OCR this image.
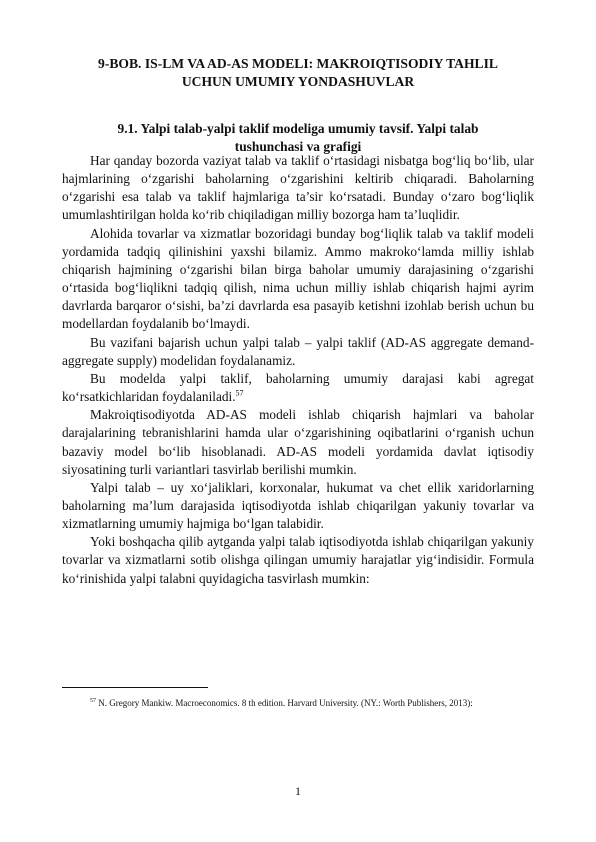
9-BOB. IS-LM VA AD-AS MODELI: MAKROIQTISODIY TAHLIL
UCHUN UMUMIY YONDASHUVLAR
9.1. Yalpi talab-yalpi taklif modeliga umumiy tavsif. Yalpi talab
tushunchasi va grafigi

Har qanday bozorda vaziyat talab va taklif o‘rtasidagi nisbatga bog‘liq bo‘lib, ular hajmlarining o‘zgarishi baholarning o‘zgarishini keltirib chiqaradi. Baholarning o‘zgarishi esa talab va taklif hajmlariga ta’sir ko‘rsatadi. Bunday o‘zaro bog‘liqlik umumlashtirilgan holda ko‘rib chiqiladigan milliy bozorga ham ta’luqlidir.

Alohida tovarlar va xizmatlar bozoridagi bunday bog‘liqlik talab va taklif modeli yordamida tadqiq qilinishini yaxshi bilamiz. Ammo makroko‘lamda milliy ishlab chiqarish hajmining o‘zgarishi bilan birga baholar umumiy darajasining o‘zgarishi o‘rtasida bog‘liqlikni tadqiq qilish, nima uchun milliy ishlab chiqarish hajmi ayrim davrlarda barqaror o‘sishi, ba’zi davrlarda esa pasayib ketishni izohlab berish uchun bu modellardan foydalanib bo‘lmaydi.

Bu vazifani bajarish uchun yalpi talab – yalpi taklif (AD-AS aggregate demand-aggregate supply) modelidan foydalanamiz.

Bu modelda yalpi taklif, baholarning umumiy darajasi kabi agregat ko‘rsatkichlaridan foydalaniladi.$^{57}$

Makroiqtisodiyotda AD-AS modeli ishlab chiqarish hajmlari va baholar darajalarining tebranishlarini hamda ular o‘zgarishining oqibatlarini o‘rganish uchun bazaviy model bo‘lib hisoblanadi. AD-AS modeli yordamida davlat iqtisodiy siyosatining turli variantlari tasvirlab berilishi mumkin.

Yalpi talab – uy xo‘jaliklari, korxonalar, hukumat va chet ellik xaridorlarning baholarning ma’lum darajasida iqtisodiyotda ishlab chiqarilgan yakuniy tovarlar va xizmatlarning umumiy hajmiga bo‘lgan talabidir.

Yoki boshqacha qilib aytganda yalpi talab iqtisodiyotda ishlab chiqarilgan yakuniy tovarlar va xizmatlarni sotib olishga qilingan umumiy harajatlar yig‘indisidir. Formula ko‘rinishida yalpi talabni quyidagicha tasvirlash mumkin:

$^{57}$ N. Gregory Mankiw. Macroeconomics. 8 th edition. Harvard University. (NY.: Worth Publishers, 2013):
1
